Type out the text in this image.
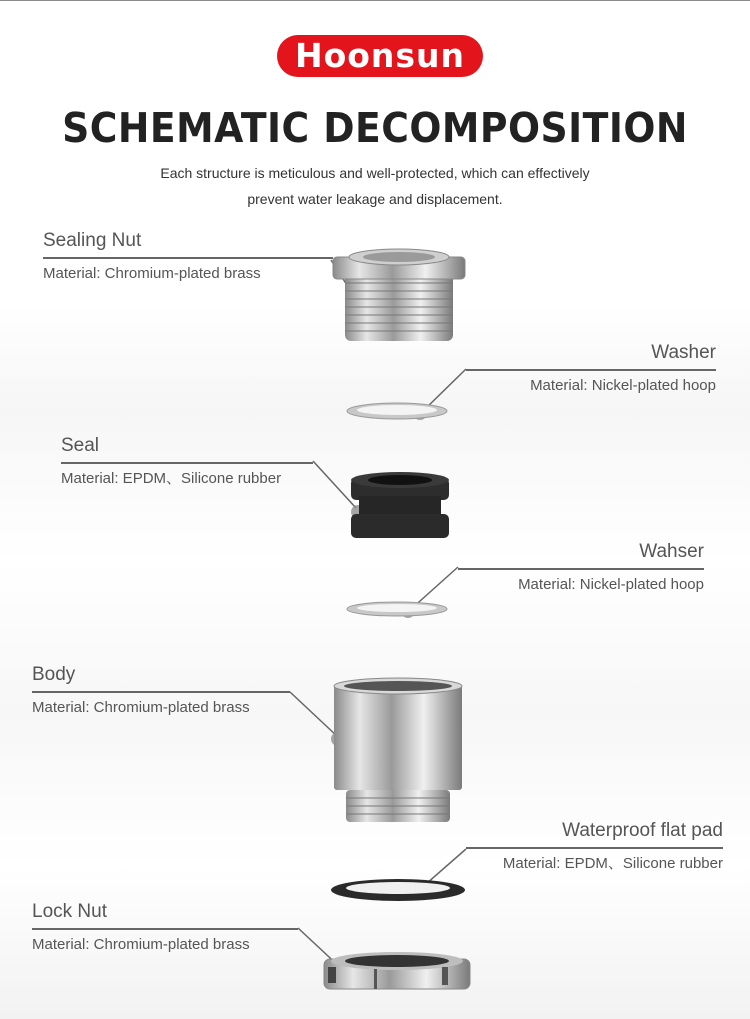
Hoonsun
SCHEMATIC DECOMPOSITION
Each structure is meticulous and well-protected, which can effectively
prevent water leakage and displacement.
Sealing Nut
Material: Chromium-plated brass
Washer
Material: Nickel-plated hoop
Seal
Material: EPDM、Silicone rubber
Wahser
Material: Nickel-plated hoop
Body
Material: Chromium-plated brass
Waterproof flat pad
Material: EPDM、Silicone rubber
Lock Nut
Material: Chromium-plated brass
